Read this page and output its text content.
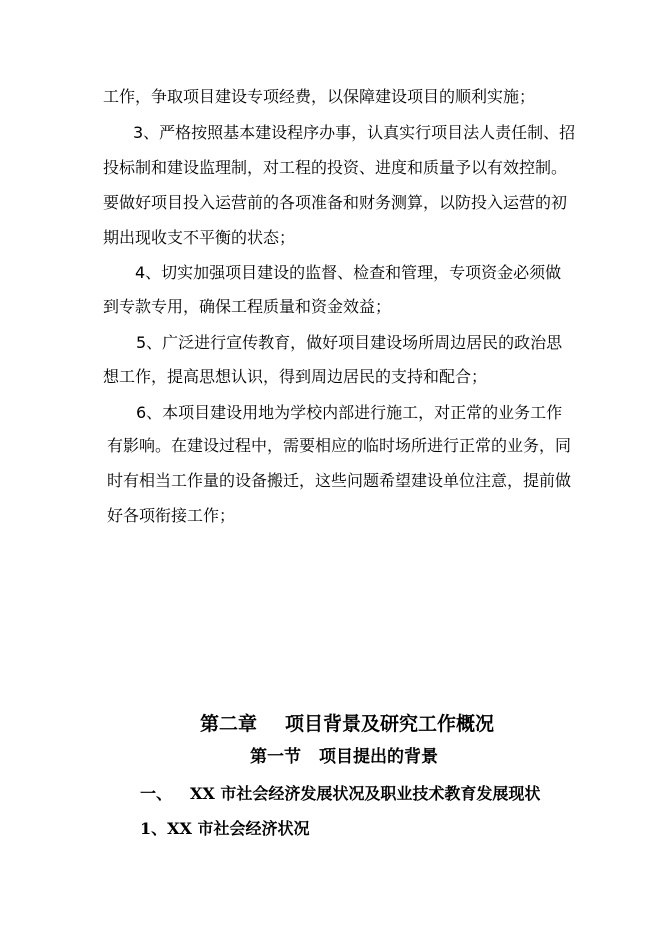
工作，争取项目建设专项经费，以保障建设项目的顺利实施；
3、严格按照基本建设程序办事，认真实行项目法人责任制、招
投标制和建设监理制，对工程的投资、进度和质量予以有效控制。
要做好项目投入运营前的各项准备和财务测算，以防投入运营的初
期出现收支不平衡的状态；
4、切实加强项目建设的监督、检查和管理，专项资金必须做
到专款专用，确保工程质量和资金效益；
5、广泛进行宣传教育，做好项目建设场所周边居民的政治思
想工作，提高思想认识，得到周边居民的支持和配合；
6、本项目建设用地为学校内部进行施工，对正常的业务工作
有影响。在建设过程中，需要相应的临时场所进行正常的业务，同
时有相当工作量的设备搬迁，这些问题希望建设单位注意，提前做
好各项衔接工作；
第二章 项目背景及研究工作概况
第一节 项目提出的背景
一、 XX 市社会经济发展状况及职业技术教育发展现状
1、XX 市社会经济状况
